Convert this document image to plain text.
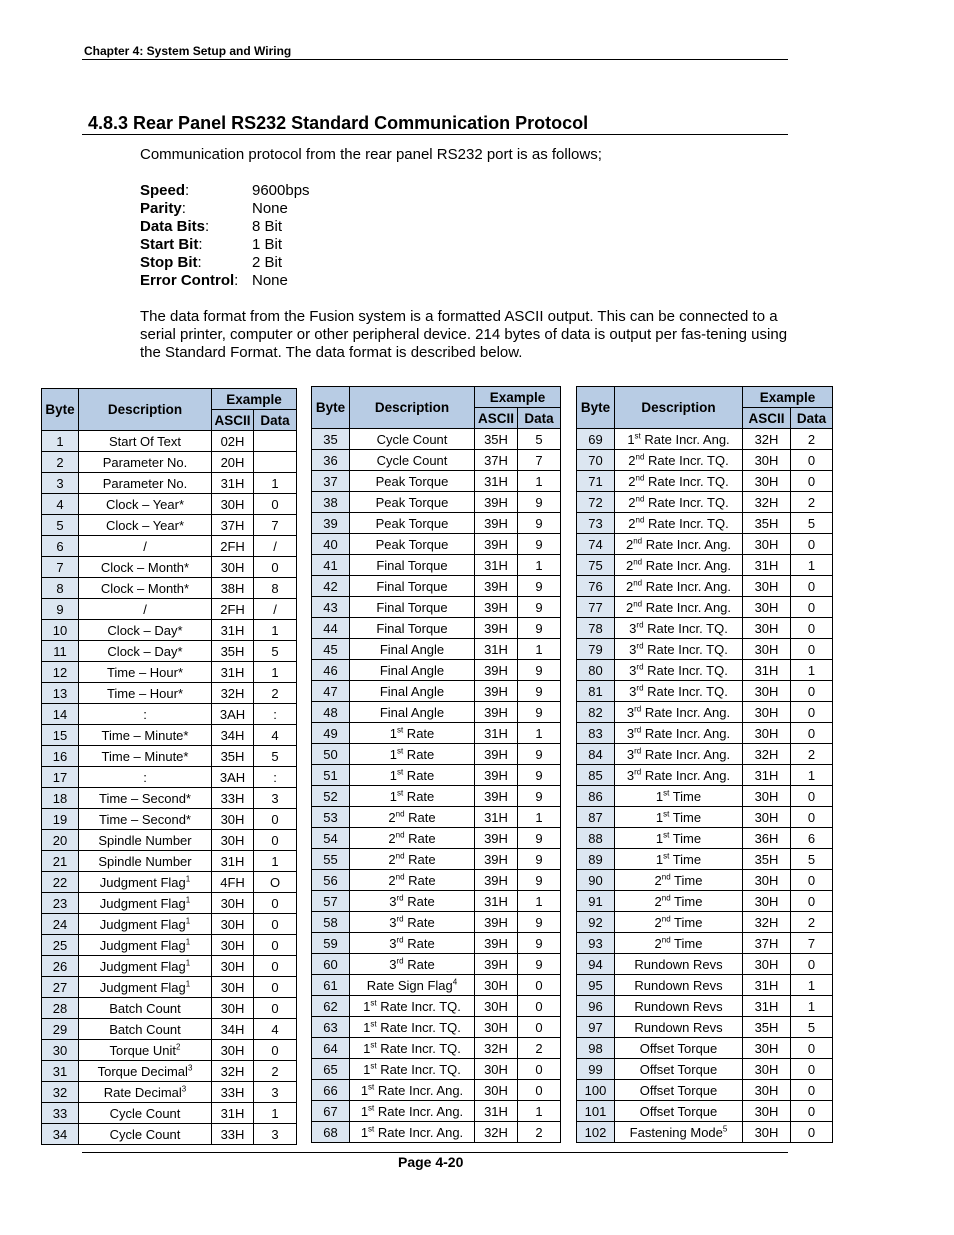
Chapter 4: System Setup and Wiring
4.8.3 Rear Panel RS232 Standard Communication Protocol
Communication protocol from the rear panel RS232 port is as follows;
Speed:	9600bps
Parity:	None
Data Bits:	8 Bit
Start Bit:	1 Bit
Stop Bit:	2 Bit
Error Control: None
The data format from the Fusion system is a formatted ASCII output. This can be connected to a serial printer, computer or other peripheral device. 214 bytes of data is output per fas-tening using the Standard Format. The data format is described below.
Byte	Description	Example	
		ASCII	Data
1	Start Of Text	02H	
2	Parameter No.	20H	
3	Parameter No.	31H	1
4	Clock – Year*	30H	0
5	Clock – Year*	37H	7
6	/	2FH	/
7	Clock – Month*	30H	0
8	Clock – Month*	38H	8
9	/	2FH	/
10	Clock – Day*	31H	1
11	Clock – Day*	35H	5
12	Time – Hour*	31H	1
13	Time – Hour*	32H	2
14	:	3AH	:
15	Time – Minute*	34H	4
16	Time – Minute*	35H	5
17	:	3AH	:
18	Time – Second*	33H	3
19	Time – Second*	30H	0
20	Spindle Number	30H	0
21	Spindle Number	31H	1
22	Judgment Flag$^1$	4FH	O
23	Judgment Flag$^1$	30H	0
24	Judgment Flag$^1$	30H	0
25	Judgment Flag$^1$	30H	0
26	Judgment Flag$^1$	30H	0
27	Judgment Flag$^1$	30H	0
28	Batch Count	30H	0
29	Batch Count	34H	4
30	Torque Unit$^2$	30H	0
31	Torque Decimal$^3$	32H	2
32	Rate Decimal$^3$	33H	3
33	Cycle Count	31H	1
34	Cycle Count	33H	3
Byte	Description	Example	
		ASCII	Data
35	Cycle Count	35H	5
36	Cycle Count	37H	7
37	Peak Torque	31H	1
38	Peak Torque	39H	9
39	Peak Torque	39H	9
40	Peak Torque	39H	9
41	Final Torque	31H	1
42	Final Torque	39H	9
43	Final Torque	39H	9
44	Final Torque	39H	9
45	Final Angle	31H	1
46	Final Angle	39H	9
47	Final Angle	39H	9
48	Final Angle	39H	9
49	1st Rate	31H	1
50	1st Rate	39H	9
51	1st Rate	39H	9
52	1st Rate	39H	9
53	2nd Rate	31H	1
54	2nd Rate	39H	9
55	2nd Rate	39H	9
56	2nd Rate	39H	9
57	3rd Rate	31H	1
58	3rd Rate	39H	9
59	3rd Rate	39H	9
60	3rd Rate	39H	9
61	Rate Sign Flag$^4$	30H	0
62	1st Rate Incr. TQ.	30H	0
63	1st Rate Incr. TQ.	30H	0
64	1st Rate Incr. TQ.	32H	2
65	1st Rate Incr. TQ.	30H	0
66	1st Rate Incr. Ang.	30H	0
67	1st Rate Incr. Ang.	31H	1
68	1st Rate Incr. Ang.	32H	2
Byte	Description	Example	
		ASCII	Data
69	1st Rate Incr. Ang.	32H	2
70	2nd Rate Incr. TQ.	30H	0
71	2nd Rate Incr. TQ.	30H	0
72	2nd Rate Incr. TQ.	32H	2
73	2nd Rate Incr. TQ.	35H	5
74	2nd Rate Incr. Ang.	30H	0
75	2nd Rate Incr. Ang.	31H	1
76	2nd Rate Incr. Ang.	30H	0
77	2nd Rate Incr. Ang.	30H	0
78	3rd Rate Incr. TQ.	30H	0
79	3rd Rate Incr. TQ.	30H	0
80	3rd Rate Incr. TQ.	31H	1
81	3rd Rate Incr. TQ.	30H	0
82	3rd Rate Incr. Ang.	30H	0
83	3rd Rate Incr. Ang.	30H	0
84	3rd Rate Incr. Ang.	32H	2
85	3rd Rate Incr. Ang.	31H	1
86	1st Time	30H	0
87	1st Time	30H	0
88	1st Time	36H	6
89	1st Time	35H	5
90	2nd Time	30H	0
91	2nd Time	30H	0
92	2nd Time	32H	2
93	2nd Time	37H	7
94	Rundown Revs	30H	0
95	Rundown Revs	31H	1
96	Rundown Revs	31H	1
97	Rundown Revs	35H	5
98	Offset Torque	30H	0
99	Offset Torque	30H	0
100	Offset Torque	30H	0
101	Offset Torque	30H	0
102	Fastening Mode$^5$	30H	0
Page 4-20
